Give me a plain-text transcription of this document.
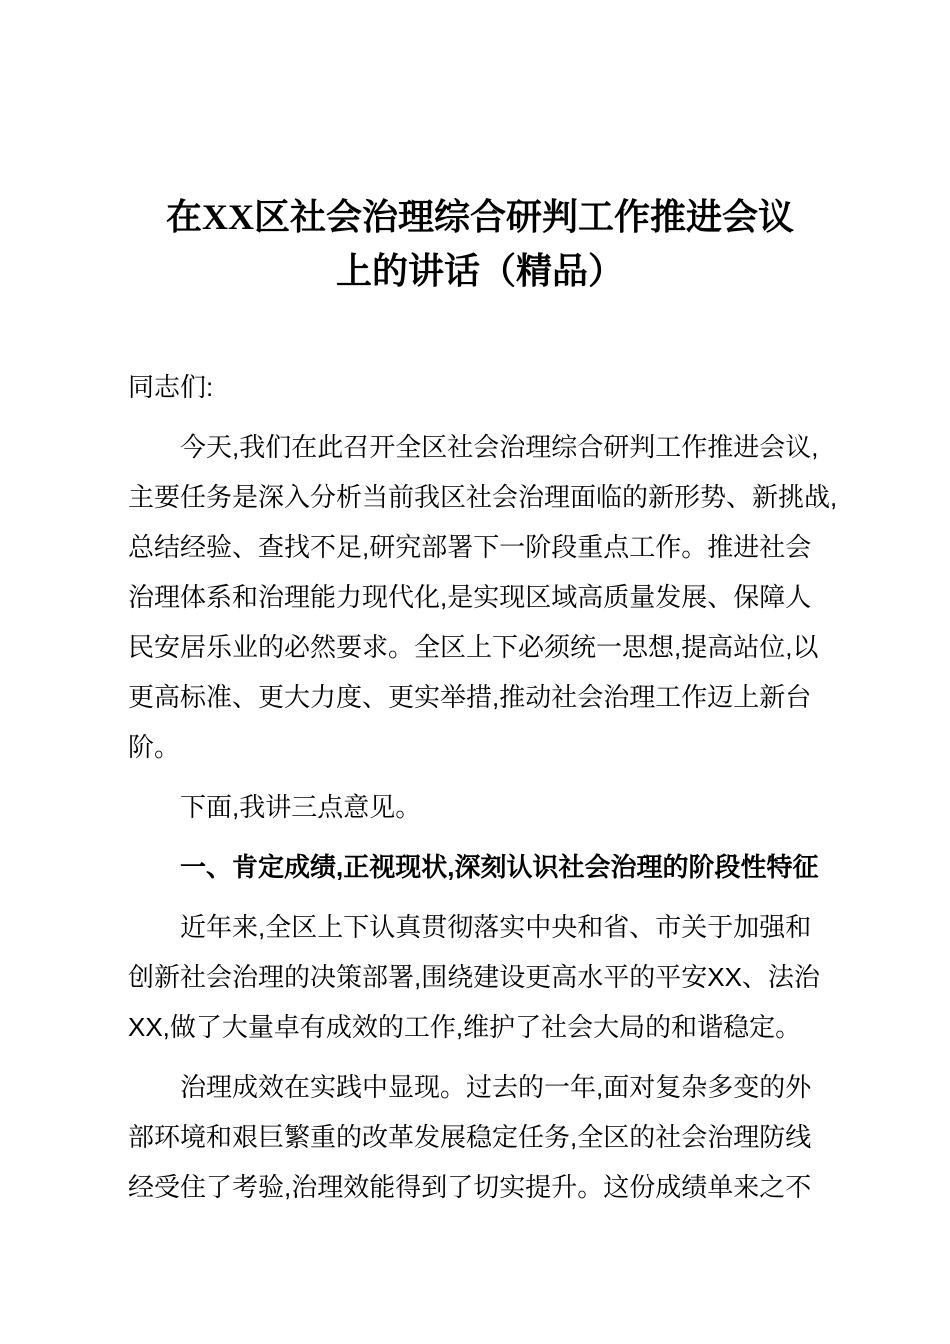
在XX区社会治理综合研判工作推进会议
上的讲话（精品）
同志们:
今天,我们在此召开全区社会治理综合研判工作推进会议,
主要任务是深入分析当前我区社会治理面临的新形势、新挑战,
总结经验、查找不足,研究部署下一阶段重点工作。推进社会
治理体系和治理能力现代化,是实现区域高质量发展、保障人
民安居乐业的必然要求。全区上下必须统一思想,提高站位,以
更高标准、更大力度、更实举措,推动社会治理工作迈上新台
阶。
下面,我讲三点意见。
一、肯定成绩,正视现状,深刻认识社会治理的阶段性特征
近年来,全区上下认真贯彻落实中央和省、市关于加强和
创新社会治理的决策部署,围绕建设更高水平的平安XX、法治
XX,做了大量卓有成效的工作,维护了社会大局的和谐稳定。
治理成效在实践中显现。过去的一年,面对复杂多变的外
部环境和艰巨繁重的改革发展稳定任务,全区的社会治理防线
经受住了考验,治理效能得到了切实提升。这份成绩单来之不
